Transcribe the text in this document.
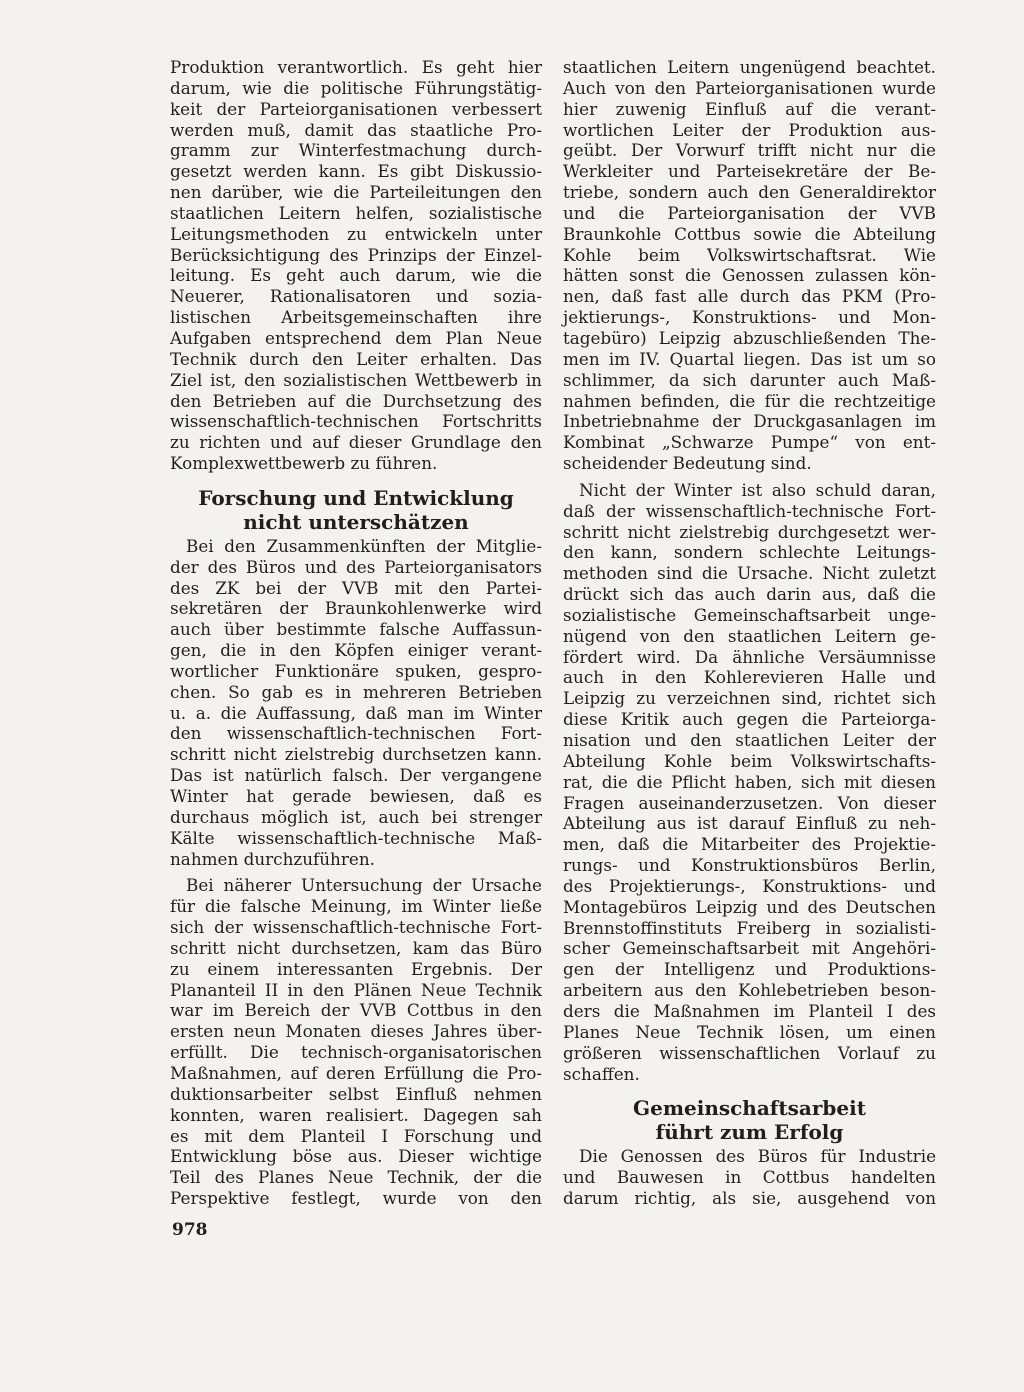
Produktion verantwortlich. Es geht hier
darum, wie die politische Führungstätig-
keit der Parteiorganisationen verbessert
werden muß, damit das staatliche Pro-
gramm zur Winterfestmachung durch-
gesetzt werden kann. Es gibt Diskussio-
nen darüber, wie die Parteileitungen den
staatlichen Leitern helfen, sozialistische
Leitungsmethoden zu entwickeln unter
Berücksichtigung des Prinzips der Einzel-
leitung. Es geht auch darum, wie die
Neuerer, Rationalisatoren und sozia-
listischen Arbeitsgemeinschaften ihre
Aufgaben entsprechend dem Plan Neue
Technik durch den Leiter erhalten. Das
Ziel ist, den sozialistischen Wettbewerb in
den Betrieben auf die Durchsetzung des
wissenschaftlich-technischen Fortschritts
zu richten und auf dieser Grundlage den
Komplexwettbewerb zu führen.
Forschung und Entwicklung
nicht unterschätzen
Bei den Zusammenkünften der Mitglie-
der des Büros und des Parteiorganisators
des ZK bei der VVB mit den Partei-
sekretären der Braunkohlenwerke wird
auch über bestimmte falsche Auffassun-
gen, die in den Köpfen einiger verant-
wortlicher Funktionäre spuken, gespro-
chen. So gab es in mehreren Betrieben
u. a. die Auffassung, daß man im Winter
den wissenschaftlich-technischen Fort-
schritt nicht zielstrebig durchsetzen kann.
Das ist natürlich falsch. Der vergangene
Winter hat gerade bewiesen, daß es
durchaus möglich ist, auch bei strenger
Kälte wissenschaftlich-technische Maß-
nahmen durchzuführen.
Bei näherer Untersuchung der Ursache
für die falsche Meinung, im Winter ließe
sich der wissenschaftlich-technische Fort-
schritt nicht durchsetzen, kam das Büro
zu einem interessanten Ergebnis. Der
Plananteil II in den Plänen Neue Technik
war im Bereich der VVB Cottbus in den
ersten neun Monaten dieses Jahres über-
erfüllt. Die technisch-organisatorischen
Maßnahmen, auf deren Erfüllung die Pro-
duktionsarbeiter selbst Einfluß nehmen
konnten, waren realisiert. Dagegen sah
es mit dem Planteil I Forschung und
Entwicklung böse aus. Dieser wichtige
Teil des Planes Neue Technik, der die
Perspektive festlegt, wurde von den
staatlichen Leitern ungenügend beachtet.
Auch von den Parteiorganisationen wurde
hier zuwenig Einfluß auf die verant-
wortlichen Leiter der Produktion aus-
geübt. Der Vorwurf trifft nicht nur die
Werkleiter und Parteisekretäre der Be-
triebe, sondern auch den Generaldirektor
und die Parteiorganisation der VVB
Braunkohle Cottbus sowie die Abteilung
Kohle beim Volkswirtschaftsrat. Wie
hätten sonst die Genossen zulassen kön-
nen, daß fast alle durch das PKM (Pro-
jektierungs-, Konstruktions- und Mon-
tagebüro) Leipzig abzuschließenden The-
men im IV. Quartal liegen. Das ist um so
schlimmer, da sich darunter auch Maß-
nahmen befinden, die für die rechtzeitige
Inbetriebnahme der Druckgasanlagen im
Kombinat „Schwarze Pumpe“ von ent-
scheidender Bedeutung sind.
Nicht der Winter ist also schuld daran,
daß der wissenschaftlich-technische Fort-
schritt nicht zielstrebig durchgesetzt wer-
den kann, sondern schlechte Leitungs-
methoden sind die Ursache. Nicht zuletzt
drückt sich das auch darin aus, daß die
sozialistische Gemeinschaftsarbeit unge-
nügend von den staatlichen Leitern ge-
fördert wird. Da ähnliche Versäumnisse
auch in den Kohlerevieren Halle und
Leipzig zu verzeichnen sind, richtet sich
diese Kritik auch gegen die Parteiorga-
nisation und den staatlichen Leiter der
Abteilung Kohle beim Volkswirtschafts-
rat, die die Pflicht haben, sich mit diesen
Fragen auseinanderzusetzen. Von dieser
Abteilung aus ist darauf Einfluß zu neh-
men, daß die Mitarbeiter des Projektie-
rungs- und Konstruktionsbüros Berlin,
des Projektierungs-, Konstruktions- und
Montagebüros Leipzig und des Deutschen
Brennstoffinstituts Freiberg in sozialisti-
scher Gemeinschaftsarbeit mit Angehöri-
gen der Intelligenz und Produktions-
arbeitern aus den Kohlebetrieben beson-
ders die Maßnahmen im Planteil I des
Planes Neue Technik lösen, um einen
größeren wissenschaftlichen Vorlauf zu
schaffen.
Gemeinschaftsarbeit
führt zum Erfolg
Die Genossen des Büros für Industrie
und Bauwesen in Cottbus handelten
darum richtig, als sie, ausgehend von
978
